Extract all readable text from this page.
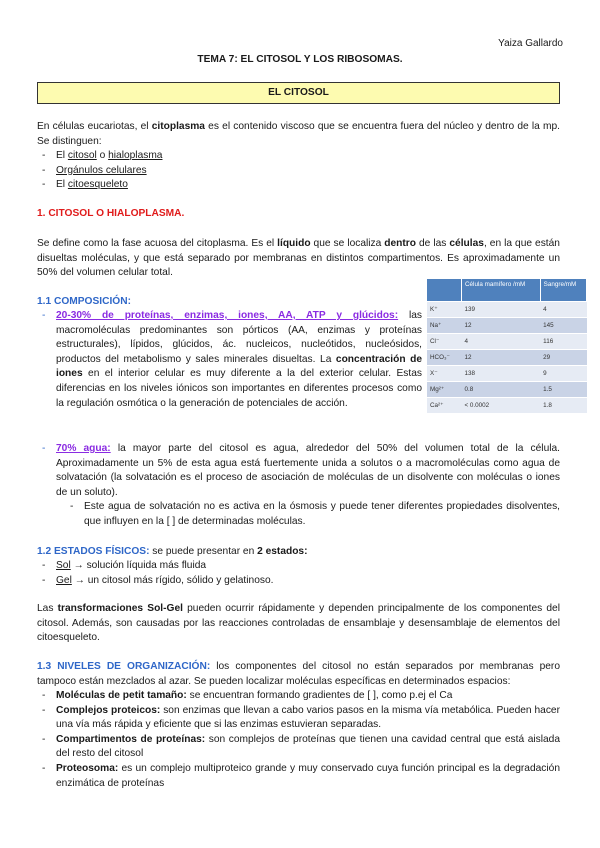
Yaiza Gallardo
TEMA 7: EL CITOSOL Y LOS RIBOSOMAS.
EL CITOSOL
En células eucariotas, el citoplasma es el contenido viscoso que se encuentra fuera del núcleo y dentro de la mp. Se distinguen:
- El citosol o hialoplasma
- Orgánulos celulares
- El citoesqueleto
1. CITOSOL O HIALOPLASMA.
Se define como la fase acuosa del citoplasma. Es el líquido que se localiza dentro de las células, en la que están disueltas moléculas, y que está separado por membranas en distintos compartimentos. Es aproximadamente un 50% del volumen celular total.
1.1 COMPOSICIÓN:
- 20-30% de proteínas, enzimas, iones, AA, ATP y glúcidos: las macromoléculas predominantes son pórticos (AA, enzimas y proteínas estructurales), lípidos, glúcidos, ác. nucleicos, nucleótidos, nucleósidos, productos del metabolismo y sales minerales disueltas. La concentración de iones en el interior celular es muy diferente a la del exterior celular. Estas diferencias en los niveles iónicos son importantes en diferentes procesos como la regulación osmótica o la generación de potenciales de acción.
	Célula mamífero /mM	Sangre/mM
K⁺	139	4
Na⁺	12	145
Cl⁻	4	116
HCO₃⁻	12	29
X⁻	138	9
Mg²⁺	0.8	1.5
Ca²⁺	< 0.0002	1.8
- 70% agua: la mayor parte del citosol es agua, alrededor del 50% del volumen total de la célula. Aproximadamente un 5% de esta agua está fuertemente unida a solutos o a macromoléculas como agua de solvatación (la solvatación es el proceso de asociación de moléculas de un disolvente con moléculas o iones de un soluto).
- Este agua de solvatación no es activa en la ósmosis y puede tener diferentes propiedades disolventes, que influyen en la [ ] de determinadas moléculas.
1.2 ESTADOS FÍSICOS: se puede presentar en 2 estados:
- Sol → solución líquida más fluida
- Gel → un citosol más rígido, sólido y gelatinoso.
Las transformaciones Sol-Gel pueden ocurrir rápidamente y dependen principalmente de los componentes del citosol. Además, son causadas por las reacciones controladas de ensamblaje y desensamblaje de elementos del citoesqueleto.
1.3 NIVELES DE ORGANIZACIÓN: los componentes del citosol no están separados por membranas pero tampoco están mezclados al azar. Se pueden localizar moléculas específicas en determinados espacios:
- Moléculas de petit tamaño: se encuentran formando gradientes de [ ], como p.ej el Ca
- Complejos proteicos: son enzimas que llevan a cabo varios pasos en la misma vía metabólica. Pueden hacer una vía más rápida y eficiente que si las enzimas estuvieran separadas.
- Compartimentos de proteínas: son complejos de proteínas que tienen una cavidad central que está aislada del resto del citosol
- Proteosoma: es un complejo multiproteico grande y muy conservado cuya función principal es la degradación enzimática de proteínas
